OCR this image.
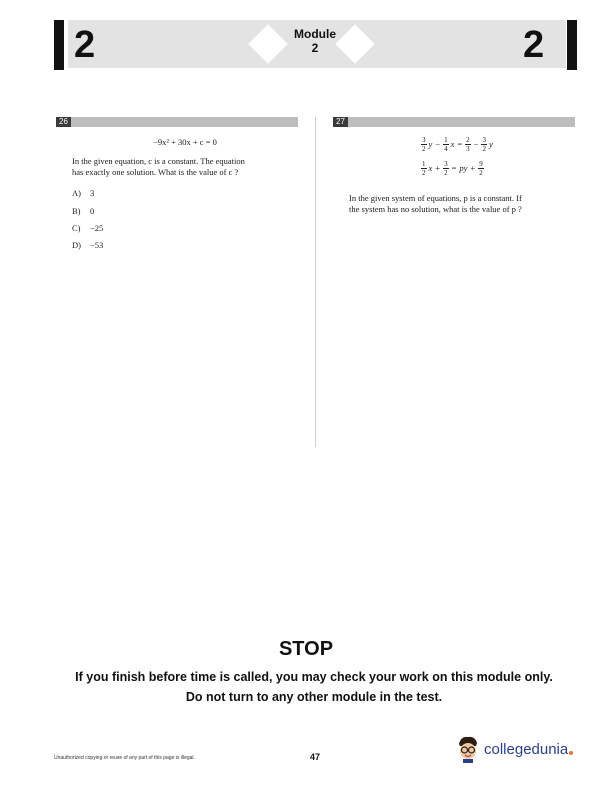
2	2
Module
2
26	27
−9x² + 30x + c = 0
In the given equation, c is a constant. The equation
has exactly one solution. What is the value of c ?
A) 3
B) 0
C) −25
D) −53
$\frac{3}{2}$ $y - \frac{1}{4}$ $x = \frac{2}{3} - \frac{3}{2}$ y
$\frac{1}{2}$ $x + \frac{3}{2}$ = py + $\frac{9}{2}$
In the given system of equations, p is a constant. If
the system has no solution, what is the value of p ?
STOP
If you finish before time is called, you may check your work on this module only.
Do not turn to any other module in the test.
Unauthorized copying or reuse of any part of this page is illegal.	47	collegedunia
